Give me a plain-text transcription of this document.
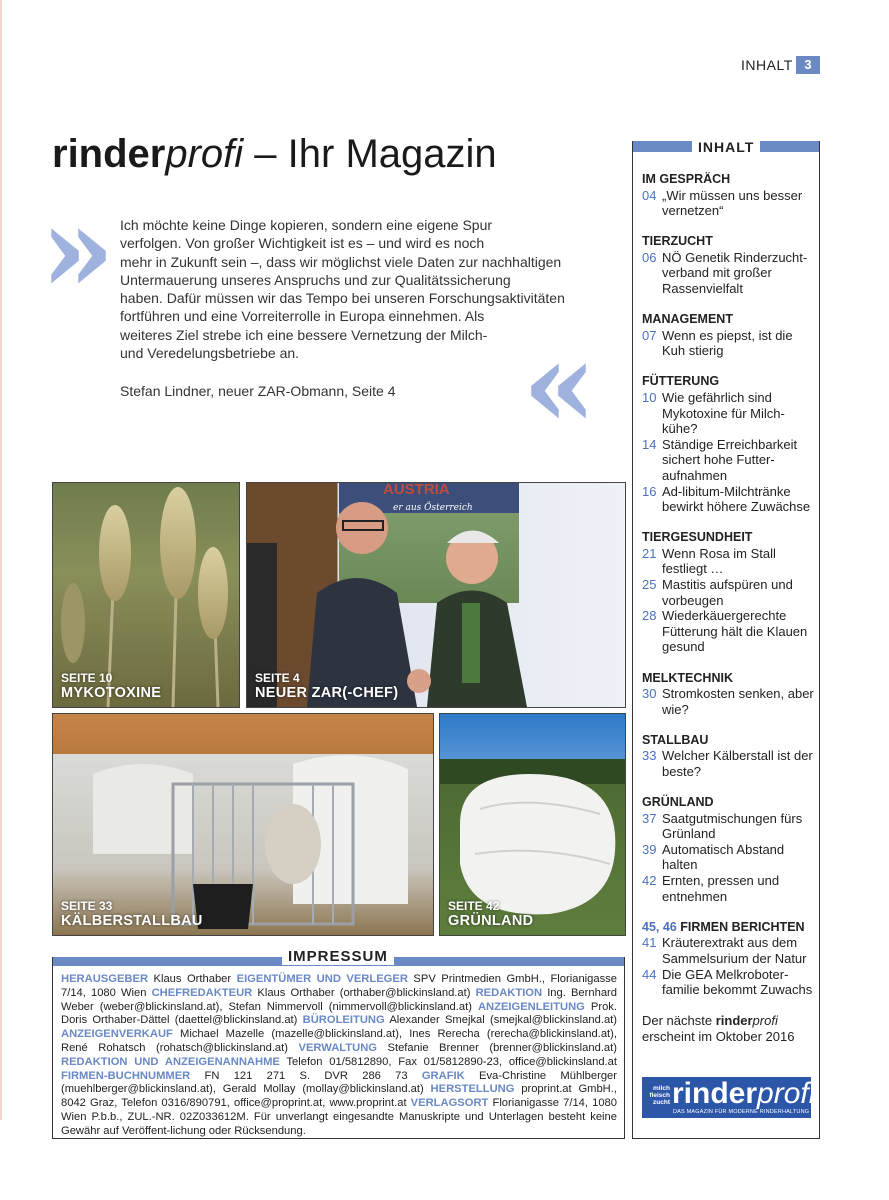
INHALT 3
rinderprofi – Ihr Magazin
»
«

Ich möchte keine Dinge kopieren, sondern eine eigene Spur

verfolgen. Von großer Wichtigkeit ist es – und wird es noch

mehr in Zukunft sein –, dass wir möglichst viele Daten zur nachhaltigen

Untermauerung unseres Anspruchs und zur Qualitätssicherung

haben. Dafür müssen wir das Tempo bei unseren Forschungsaktivitäten

fortführen und eine Vorreiterrolle in Europa einnehmen. Als

weiteres Ziel strebe ich eine bessere Vernetzung der Milch-

und Veredelungsbetriebe an.

Stefan Lindner, neuer ZAR-Obmann, Seite 4
SEITE 10
MYKOTOXINE
AUSTRIA
er aus Österreich
SEITE 4
NEUER ZAR(-CHEF)
SEITE 33
KÄLBERSTALLBAU
SEITE 42
GRÜNLAND
INHALT
IM GESPRÄCH
04 „Wir müssen uns besser vernetzen“
TIERZUCHT
06 NÖ Genetik Rinderzucht-verband mit großer Rassenvielfalt
MANAGEMENT
07 Wenn es piepst, ist die Kuh stierig
FÜTTERUNG
10 Wie gefährlich sind Mykotoxine für Milch-kühe?
14 Ständige Erreichbarkeit sichert hohe Futter-aufnahmen
16 Ad-libitum-Milchtränke bewirkt höhere Zuwächse
TIERGESUNDHEIT
21 Wenn Rosa im Stall festliegt …
25 Mastitis aufspüren und vorbeugen
28 Wiederkäuergerechte Fütterung hält die Klauen gesund
MELKTECHNIK
30 Stromkosten senken, aber wie?
STALLBAU
33 Welcher Kälberstall ist der beste?
GRÜNLAND
37 Saatgutmischungen fürs Grünland
39 Automatisch Abstand halten
42 Ernten, pressen und entnehmen
45, 46 FIRMEN BERICHTEN
41 Kräuterextrakt aus dem Sammelsurium der Natur
44 Die GEA Melkroboter-familie bekommt Zuwachs
Der nächste rinderprofi
erscheint im Oktober 2016
milch fleisch zucht rinderprofi
DAS MAGAZIN FÜR MODERNE RINDERHALTUNG
IMPRESSUM
HERAUSGEBER Klaus Orthaber EIGENTÜMER UND VERLEGER SPV Printmedien GmbH., Florianigasse 7/14, 1080 Wien CHEFREDAKTEUR Klaus Orthaber (orthaber@blickinsland.at) REDAKTION Ing. Bernhard Weber (weber@blickinsland.at), Stefan Nimmervoll (nimmervoll@blickinsland.at) ANZEIGENLEITUNG Prok. Doris Orthaber-Dättel (daettel@blickinsland.at) BÜROLEITUNG Alexander Smejkal (smejkal@blickinsland.at) ANZEIGENVERKAUF Michael Mazelle (mazelle@blickinsland.at), Ines Rerecha (rerecha@blickinsland.at), René Rohatsch (rohatsch@blickinsland.at) VERWALTUNG Stefanie Brenner (brenner@blickinsland.at) REDAKTION UND ANZEIGENANNAHME Telefon 01/5812890, Fax 01/5812890-23, office@blickinsland.at FIRMEN-BUCHNUMMER FN 121 271 S. DVR 286 73 GRAFIK Eva-Christine Mühlberger (muehlberger@blickinsland.at), Gerald Mollay (mollay@blickinsland.at) HERSTELLUNG proprint.at GmbH., 8042 Graz, Telefon 0316/890791, office@proprint.at, www.proprint.at VERLAGSORT Florianigasse 7/14, 1080 Wien P.b.b., ZUL.-NR. 02Z033612M. Für unverlangt eingesandte Manuskripte und Unterlagen besteht keine Gewähr auf Veröffent-lichung oder Rücksendung.
